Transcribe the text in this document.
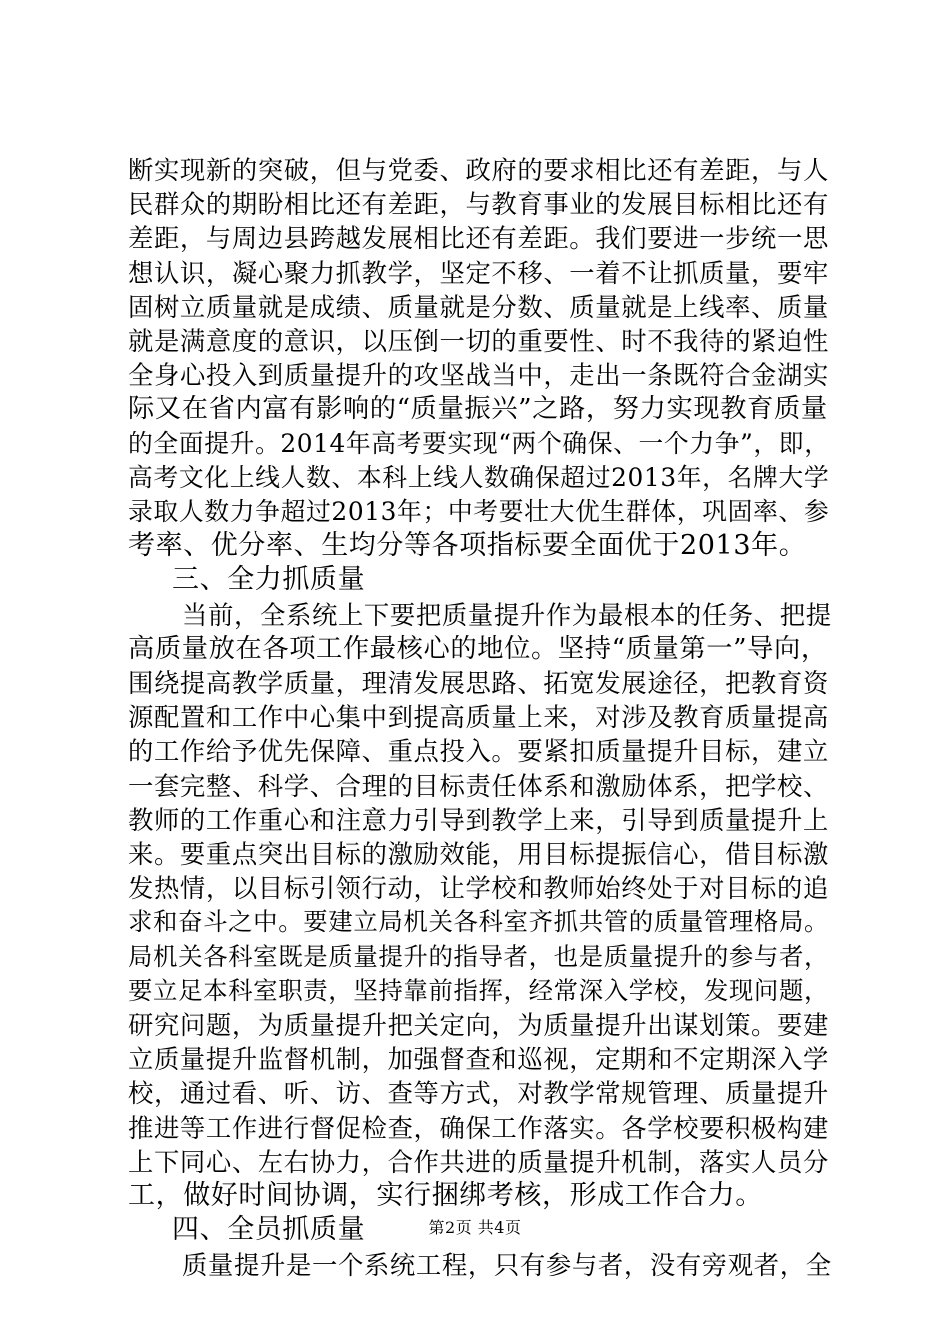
断实现新的突破，但与党委、政府的要求相比还有差距，与人
民群众的期盼相比还有差距，与教育事业的发展目标相比还有
差距，与周边县跨越发展相比还有差距。我们要进一步统一思
想认识，凝心聚力抓教学，坚定不移、一着不让抓质量，要牢
固树立质量就是成绩、质量就是分数、质量就是上线率、质量
就是满意度的意识，以压倒一切的重要性、时不我待的紧迫性
全身心投入到质量提升的攻坚战当中，走出一条既符合金湖实
际又在省内富有影响的“质量振兴”之路，努力实现教育质量
的全面提升。2014年高考要实现“两个确保、一个力争”，即，
高考文化上线人数、本科上线人数确保超过2013年，名牌大学
录取人数力争超过2013年；中考要壮大优生群体，巩固率、参
考率、优分率、生均分等各项指标要全面优于2013年。
三、全力抓质量
当前，全系统上下要把质量提升作为最根本的任务、把提
高质量放在各项工作最核心的地位。坚持“质量第一”导向，
围绕提高教学质量，理清发展思路、拓宽发展途径，把教育资
源配置和工作中心集中到提高质量上来，对涉及教育质量提高
的工作给予优先保障、重点投入。要紧扣质量提升目标，建立
一套完整、科学、合理的目标责任体系和激励体系，把学校、
教师的工作重心和注意力引导到教学上来，引导到质量提升上
来。要重点突出目标的激励效能，用目标提振信心，借目标激
发热情，以目标引领行动，让学校和教师始终处于对目标的追
求和奋斗之中。要建立局机关各科室齐抓共管的质量管理格局。
局机关各科室既是质量提升的指导者，也是质量提升的参与者，
要立足本科室职责，坚持靠前指挥，经常深入学校，发现问题，
研究问题，为质量提升把关定向，为质量提升出谋划策。要建
立质量提升监督机制，加强督查和巡视，定期和不定期深入学
校，通过看、听、访、查等方式，对教学常规管理、质量提升
推进等工作进行督促检查，确保工作落实。各学校要积极构建
上下同心、左右协力，合作共进的质量提升机制，落实人员分
工，做好时间协调，实行捆绑考核，形成工作合力。
四、全员抓质量
质量提升是一个系统工程，只有参与者，没有旁观者，全
第2页 共4页
